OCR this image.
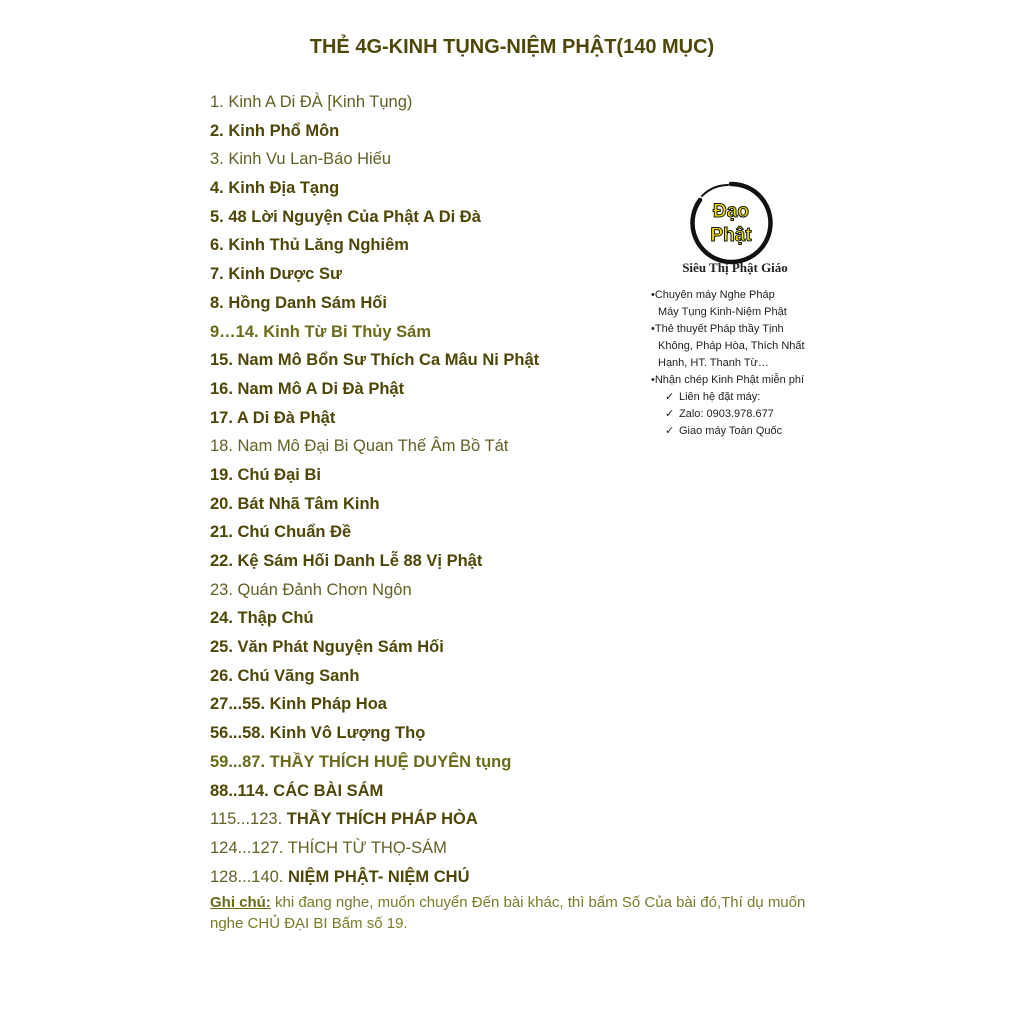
THẺ 4G-KINH TỤNG-NIỆM PHẬT(140 MỤC)
1. Kinh A Di ĐÀ [Kinh Tụng)
2. Kinh Phổ Môn
3. Kinh Vu Lan-Báo Hiếu
4. Kinh Địa Tạng
5. 48 Lời Nguyện Của Phật A Di Đà
6. Kinh Thủ Lăng Nghiêm
7. Kinh Dược Sư
8. Hồng Danh Sám Hối
9…14. Kinh Từ Bi Thủy Sám
15. Nam Mô Bổn Sư Thích Ca Mâu Ni Phật
16. Nam Mô A Di Đà Phật
17. A Di Đà Phật
18. Nam Mô Đại Bi Quan Thế Âm Bồ Tát
19. Chú Đại Bi
20. Bát Nhã Tâm Kinh
21. Chú Chuẩn Đề
22. Kệ Sám Hối Danh Lễ 88 Vị Phật
23. Quán Đảnh Chơn Ngôn
24. Thập Chú
25. Văn Phát Nguyện Sám Hối
26. Chú Vãng Sanh
27...55. Kinh Pháp Hoa
56...58. Kinh Vô Lượng Thọ
59...87. THẦY THÍCH HUỆ DUYÊN tụng
88..114. CÁC BÀI SÁM
115...123. THẦY THÍCH PHÁP HÒA
124...127. THÍCH TỪ THỌ-SÁM
128...140. NIỆM PHẬT- NIỆM CHÚ
Ghi chú: khi đang nghe, muốn chuyển Đến bài khác, thì bấm Số Của bài đó,Thí dụ muốn nghe CHỦ ĐẠI BI Bấm số 19.
Đạo
Phật
Siêu Thị Phật Giáo
•Chuyên máy Nghe Pháp
Máy Tụng Kinh-Niệm Phật
•Thẻ thuyết Pháp thầy Tịnh
Không, Pháp Hòa, Thích Nhất
Hạnh, HT. Thanh Từ…
•Nhận chép Kinh Phật miễn phí
✓ Liên hệ đặt máy:
✓ Zalo: 0903.978.677
✓ Giao máy Toàn Quốc
